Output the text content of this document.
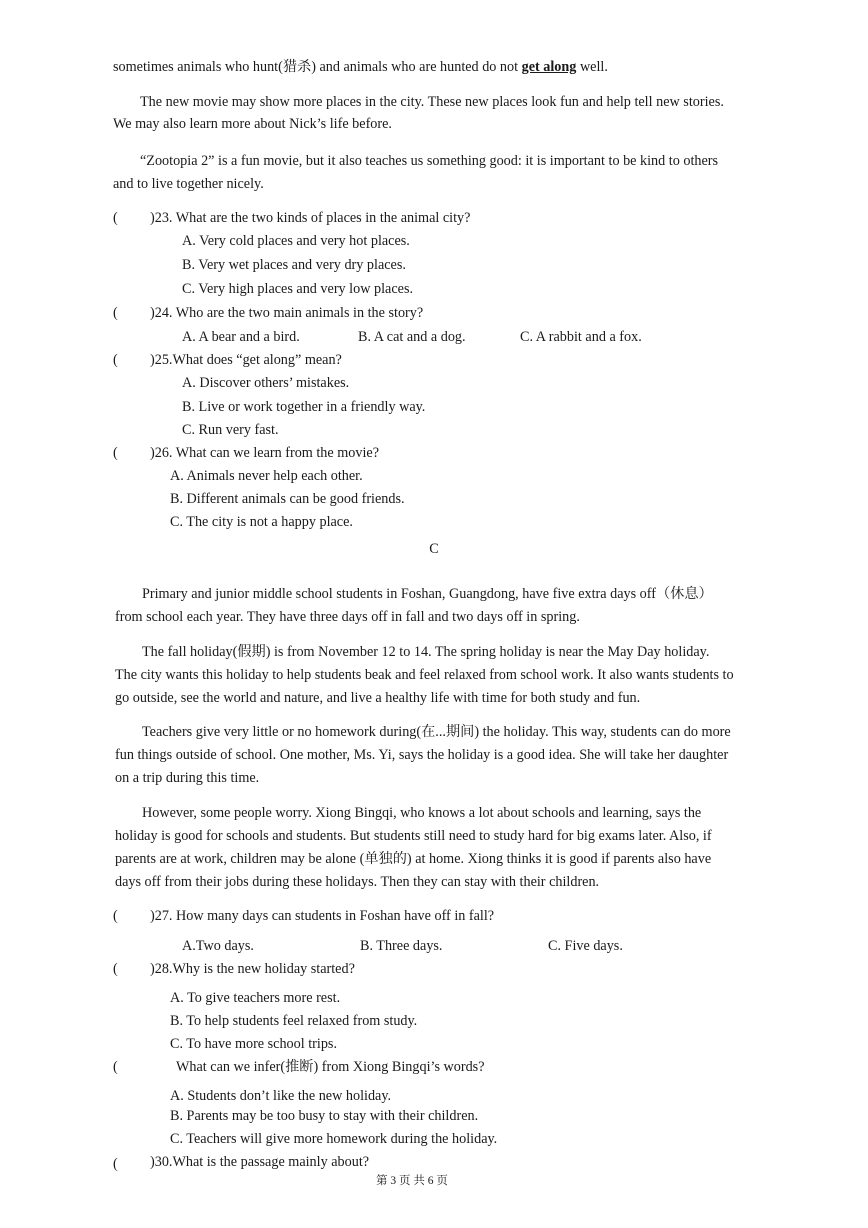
sometimes animals who hunt(猎杀) and animals who are hunted do not get along well.
The new movie may show more places in the city. These new places look fun and help tell new stories.
We may also learn more about Nick’s life before.
“Zootopia 2” is a fun movie, but it also teaches us something good: it is important to be kind to others
and to live together nicely.
( )23. What are the two kinds of places in the animal city?
A. Very cold places and very hot places.
B. Very wet places and very dry places.
C. Very high places and very low places.
( )24. Who are the two main animals in the story?
A. A bear and a bird.	B. A cat and a dog.	C. A rabbit and a fox.
( )25.What does “get along” mean?
A. Discover others’ mistakes.
B. Live or work together in a friendly way.
C. Run very fast.
( )26. What can we learn from the movie?
A. Animals never help each other.
B. Different animals can be good friends.
C. The city is not a happy place.
C
Primary and junior middle school students in Foshan, Guangdong, have five extra days off（休息）
from school each year. They have three days off in fall and two days off in spring.
The fall holiday(假期) is from November 12 to 14. The spring holiday is near the May Day holiday.
The city wants this holiday to help students beak and feel relaxed from school work. It also wants students to
go outside, see the world and nature, and live a healthy life with time for both study and fun.
Teachers give very little or no homework during(在...期间) the holiday. This way, students can do more
fun things outside of school. One mother, Ms. Yi, says the holiday is a good idea. She will take her daughter
on a trip during this time.
However, some people worry. Xiong Bingqi, who knows a lot about schools and learning, says the
holiday is good for schools and students. But students still need to study hard for big exams later. Also, if
parents are at work, children may be alone (单独的) at home. Xiong thinks it is good if parents also have
days off from their jobs during these holidays. Then they can stay with their children.
( )27. How many days can students in Foshan have off in fall?
A.Two days.	B. Three days.	C. Five days.
( )28.Why is the new holiday started?
A. To give teachers more rest.
B. To help students feel relaxed from study.
C. To have more school trips.
(	What can we infer(推断) from Xiong Bingqi’s words?
A. Students don’t like the new holiday.
B. Parents may be too busy to stay with their children.
C. Teachers will give more homework during the holiday.
( )30.What is the passage mainly about?
第 3 页 共 6 页
